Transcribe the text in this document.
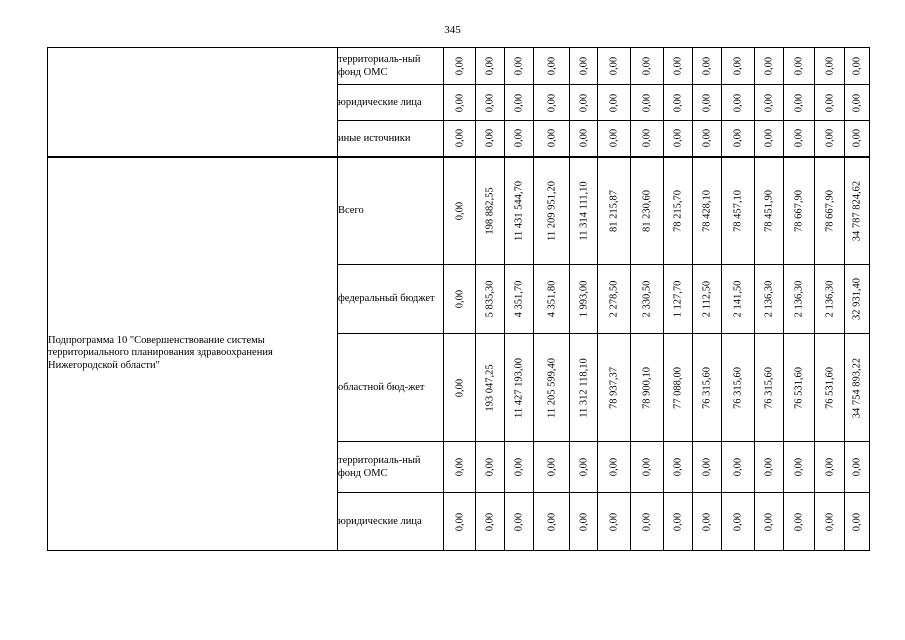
345
	территориаль-ный фонд ОМС	0,00	0,00	0,00	0,00	0,00	0,00	0,00	0,00	0,00	0,00	0,00	0,00	0,00	0,00

	юридические лица	0,00	0,00	0,00	0,00	0,00	0,00	0,00	0,00	0,00	0,00	0,00	0,00	0,00	0,00

	иные источники	0,00	0,00	0,00	0,00	0,00	0,00	0,00	0,00	0,00	0,00	0,00	0,00	0,00	0,00

Подпрограмма 10 "Совершенствование системы территориального планирования здравоохранения Нижегородской области"	Всего	0,00	198 882,55	11 431 544,70	11 209 951,20	11 314 111,10	81 215,87	81 230,60	78 215,70	78 428,10	78 457,10	78 451,90	78 667,90	78 667,90	34 787 824,62

	федеральный бюджет	0,00	5 835,30	4 351,70	4 351,80	1 993,00	2 278,50	2 330,50	1 127,70	2 112,50	2 141,50	2 136,30	2 136,30	2 136,30	32 931,40

	областной бюд-жет	0,00	193 047,25	11 427 193,00	11 205 599,40	11 312 118,10	78 937,37	78 900,10	77 088,00	76 315,60	76 315,60	76 315,60	76 531,60	76 531,60	34 754 893,22

	территориаль-ный фонд ОМС	0,00	0,00	0,00	0,00	0,00	0,00	0,00	0,00	0,00	0,00	0,00	0,00	0,00	0,00

	юридические лица	0,00	0,00	0,00	0,00	0,00	0,00	0,00	0,00	0,00	0,00	0,00	0,00	0,00	0,00
